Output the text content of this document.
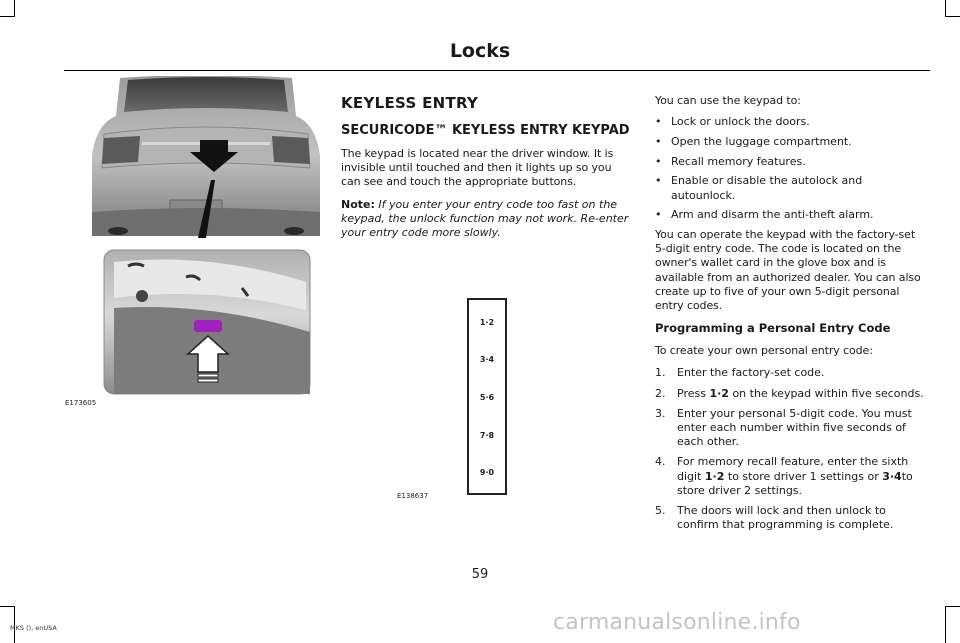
Locks
E173605
KEYLESS ENTRY
SECURICODE™ KEYLESS ENTRY KEYPAD
The keypad is located near the driver window. It is invisible until touched and then it lights up so you can see and touch the appropriate buttons.
Note: If you enter your entry code too fast on the keypad, the unlock function may not work. Re-enter your entry code more slowly.
1·2
3·4
5·6
7·8
9·0
E138637
You can use the keypad to:
• Lock or unlock the doors.
• Open the luggage compartment.
• Recall memory features.
• Enable or disable the autolock and autounlock.
• Arm and disarm the anti-theft alarm.
You can operate the keypad with the factory-set 5-digit entry code. The code is located on the owner's wallet card in the glove box and is available from an authorized dealer. You can also create up to five of your own 5-digit personal entry codes.
Programming a Personal Entry Code
To create your own personal entry code:
1.	Enter the factory-set code.
2.	Press 1·2 on the keypad within five seconds.
3.	Enter your personal 5-digit code. You must enter each number within five seconds of each other.
4.	For memory recall feature, enter the sixth digit 1·2 to store driver 1 settings or 3·4to store driver 2 settings.
5.	The doors will lock and then unlock to confirm that programming is complete.
59
MKS (), enUSA	carmanualsonline.info
